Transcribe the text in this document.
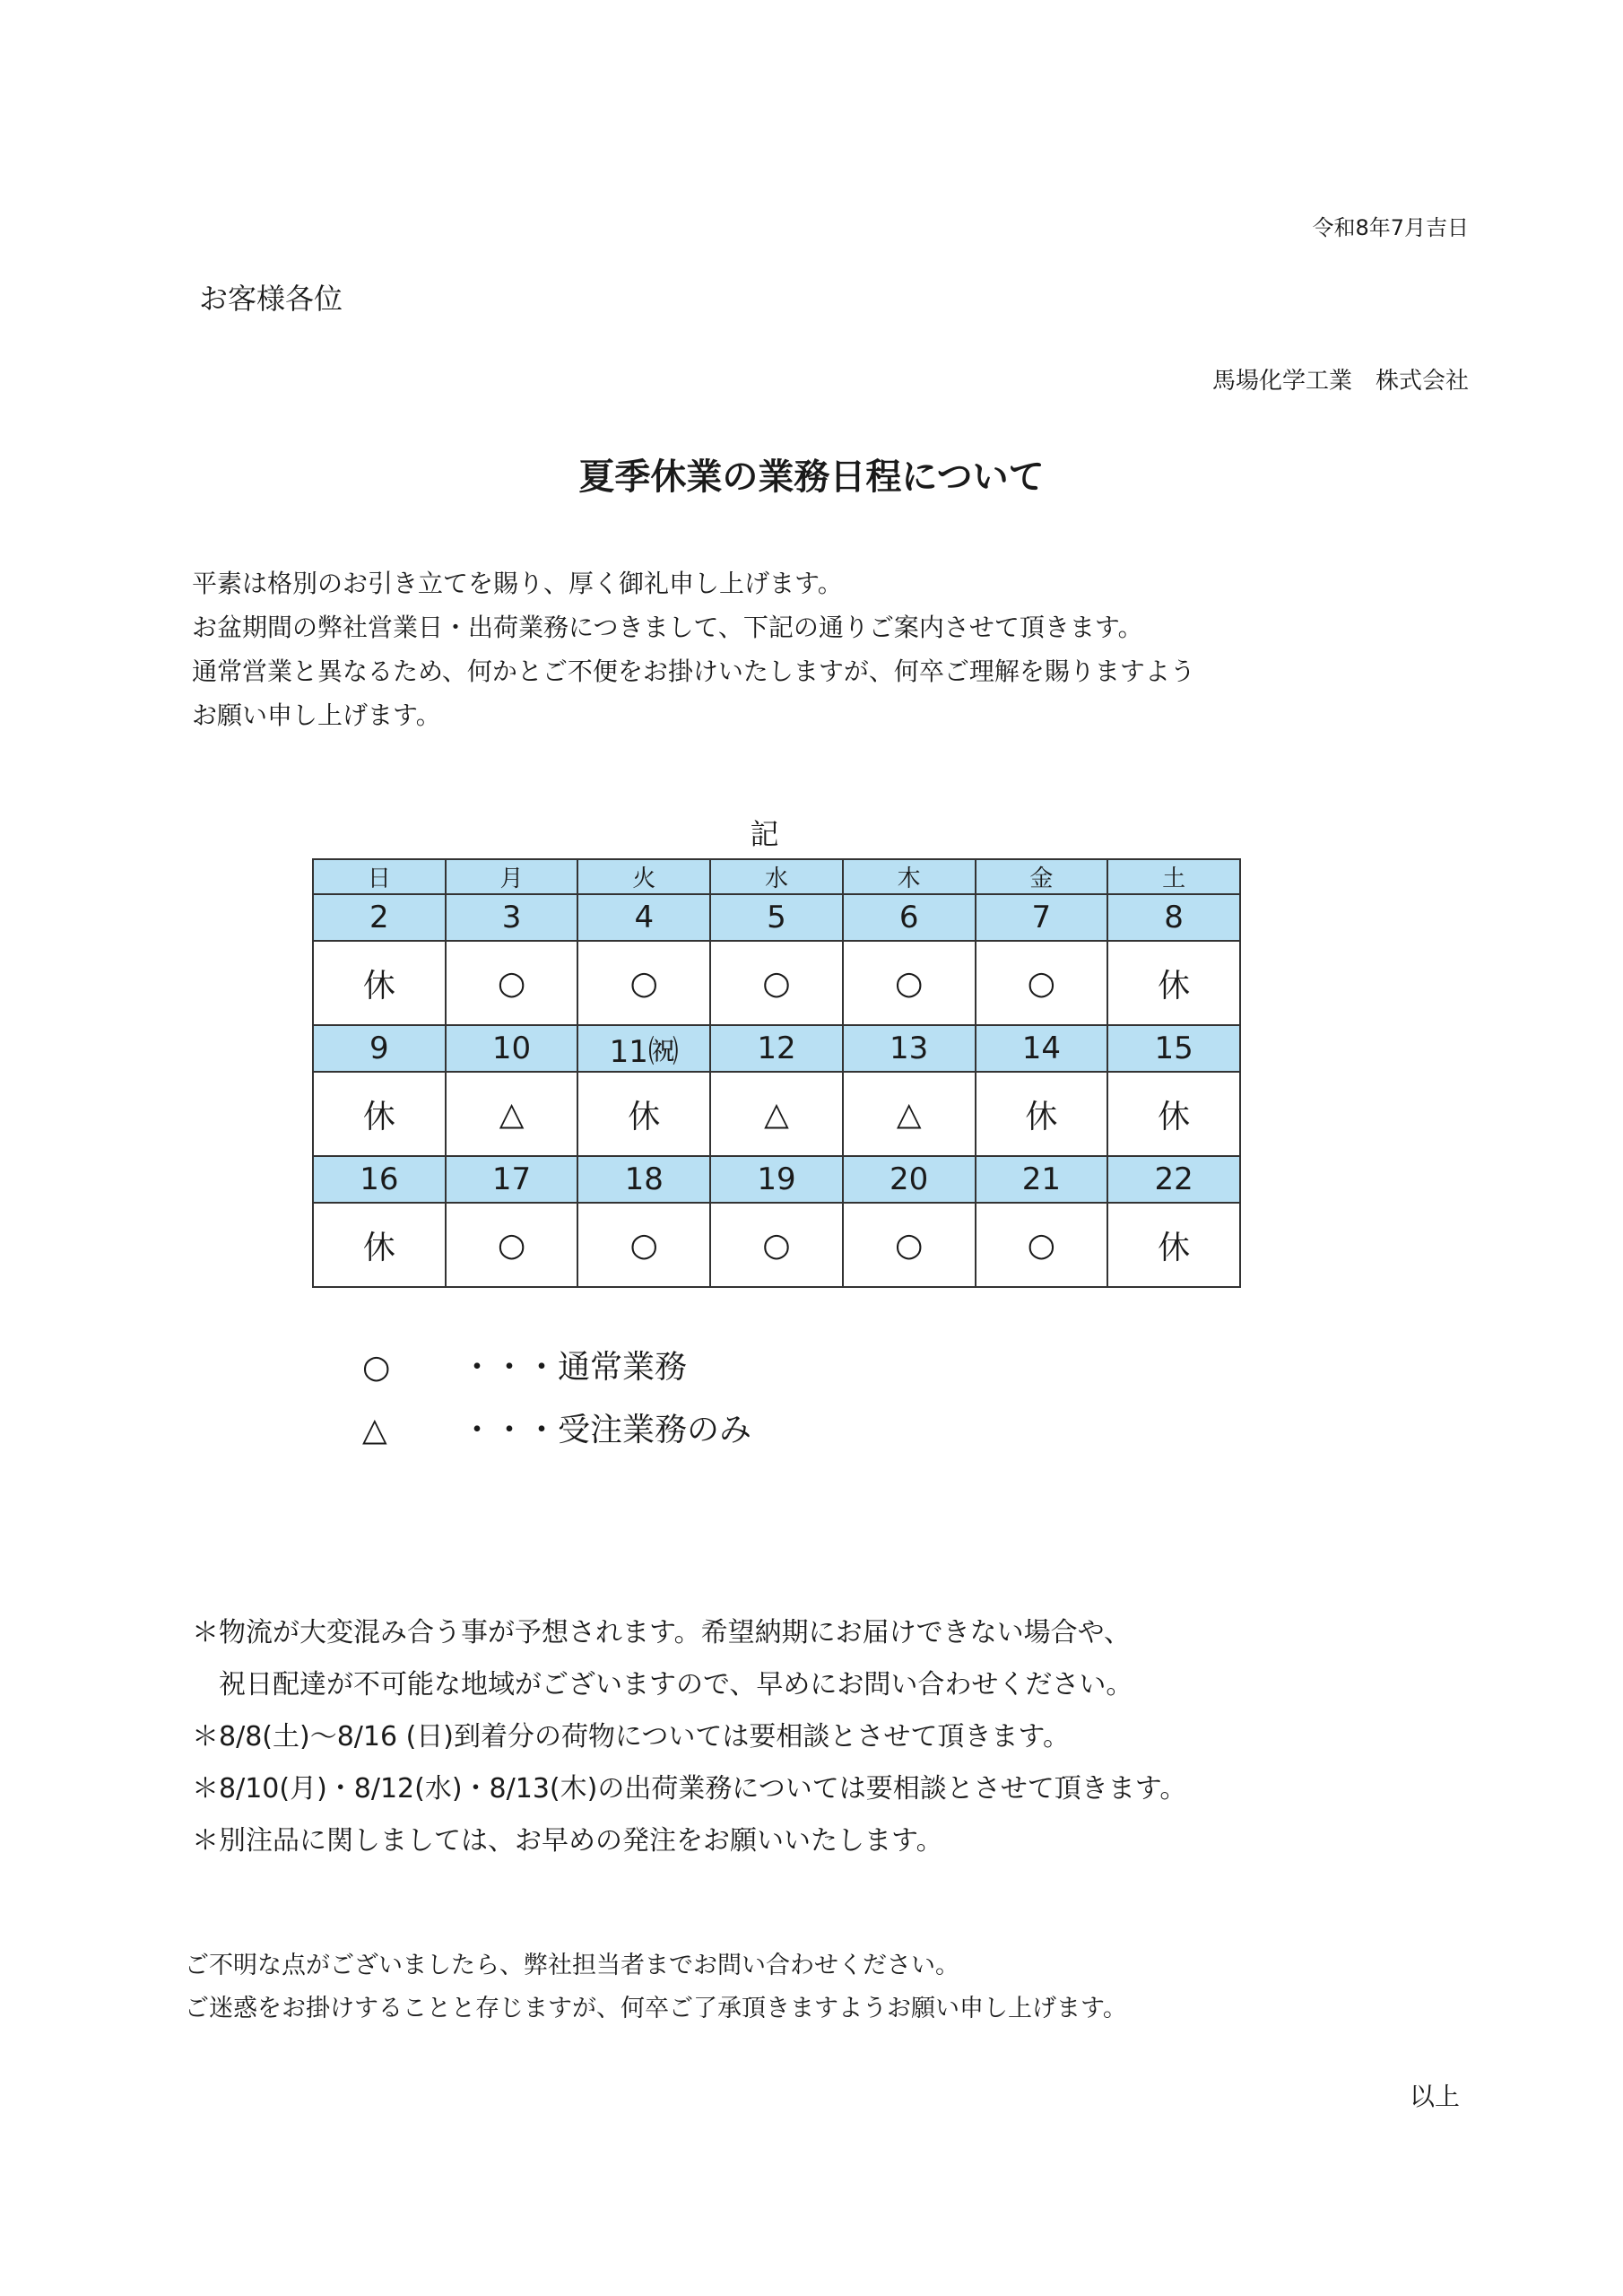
令和8年7月吉日
お客様各位
馬場化学工業　株式会社
夏季休業の業務日程について
平素は格別のお引き立てを賜り、厚く御礼申し上げます。
お盆期間の弊社営業日・出荷業務につきまして、下記の通りご案内させて頂きます。
通常営業と異なるため、何かとご不便をお掛けいたしますが、何卒ご理解を賜りますよう
お願い申し上げます。
記
日	月	火	水	木	金	土
2	3	4	5	6	7	8
休	○	○	○	○	○	休
9	10	11㈷	12	13	14	15
休	△	休	△	△	休	休
16	17	18	19	20	21	22
休	○	○	○	○	○	休
○ ・・・通常業務
△ ・・・受注業務のみ
＊物流が大変混み合う事が予想されます。希望納期にお届けできない場合や、
　祝日配達が不可能な地域がございますので、早めにお問い合わせください。
＊8/8(土)～8/16 (日)到着分の荷物については要相談とさせて頂きます。
＊8/10(月)・8/12(水)・8/13(木)の出荷業務については要相談とさせて頂きます。
＊別注品に関しましては、お早めの発注をお願いいたします。
ご不明な点がございましたら、弊社担当者までお問い合わせください。
ご迷惑をお掛けすることと存じますが、何卒ご了承頂きますようお願い申し上げます。
以上
